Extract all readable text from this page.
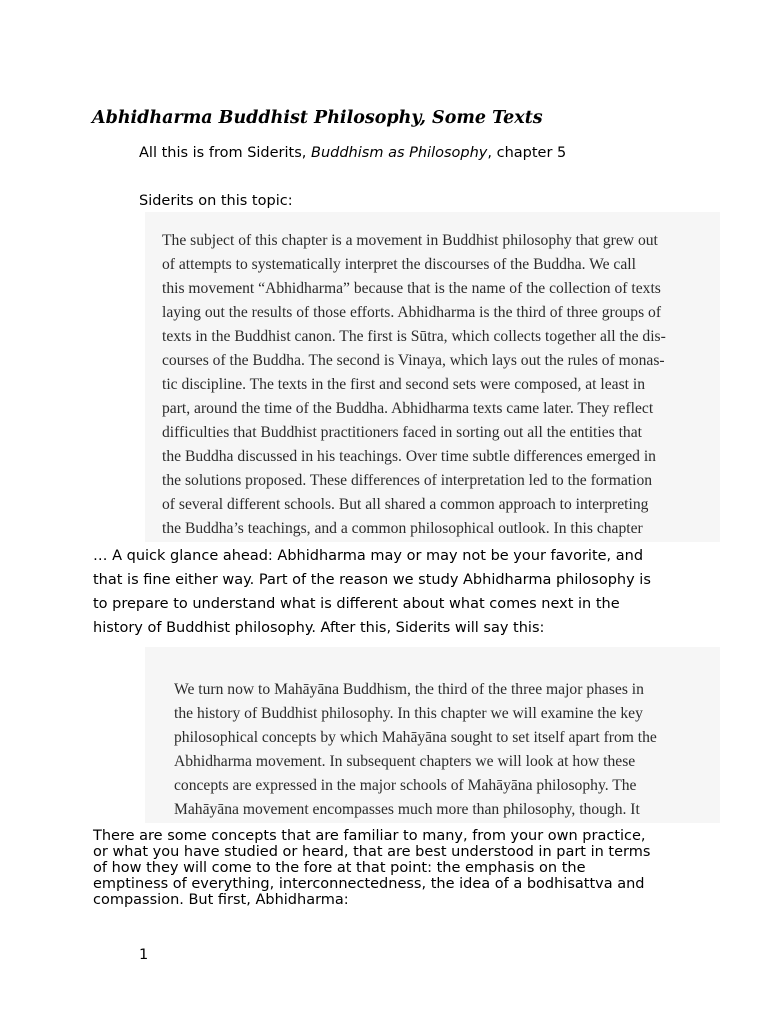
Abhidharma Buddhist Philosophy, Some Texts
All this is from Siderits, Buddhism as Philosophy, chapter 5
Siderits on this topic:
The subject of this chapter is a movement in Buddhist philosophy that grew out
of attempts to systematically interpret the discourses of the Buddha. We call
this movement “Abhidharma” because that is the name of the collection of texts
laying out the results of those efforts. Abhidharma is the third of three groups of
texts in the Buddhist canon. The first is Sūtra, which collects together all the dis-
courses of the Buddha. The second is Vinaya, which lays out the rules of monas-
tic discipline. The texts in the first and second sets were composed, at least in
part, around the time of the Buddha. Abhidharma texts came later. They reflect
difficulties that Buddhist practitioners faced in sorting out all the entities that
the Buddha discussed in his teachings. Over time subtle differences emerged in
the solutions proposed. These differences of interpretation led to the formation
of several different schools. But all shared a common approach to interpreting
the Buddha’s teachings, and a common philosophical outlook. In this chapter
… A quick glance ahead: Abhidharma may or may not be your favorite, and
that is fine either way. Part of the reason we study Abhidharma philosophy is
to prepare to understand what is different about what comes next in the
history of Buddhist philosophy. After this, Siderits will say this:
We turn now to Mahāyāna Buddhism, the third of the three major phases in
the history of Buddhist philosophy. In this chapter we will examine the key
philosophical concepts by which Mahāyāna sought to set itself apart from the
Abhidharma movement. In subsequent chapters we will look at how these
concepts are expressed in the major schools of Mahāyāna philosophy. The
Mahāyāna movement encompasses much more than philosophy, though. It
There are some concepts that are familiar to many, from your own practice,
or what you have studied or heard, that are best understood in part in terms
of how they will come to the fore at that point: the emphasis on the
emptiness of everything, interconnectedness, the idea of a bodhisattva and
compassion. But first, Abhidharma:
1
